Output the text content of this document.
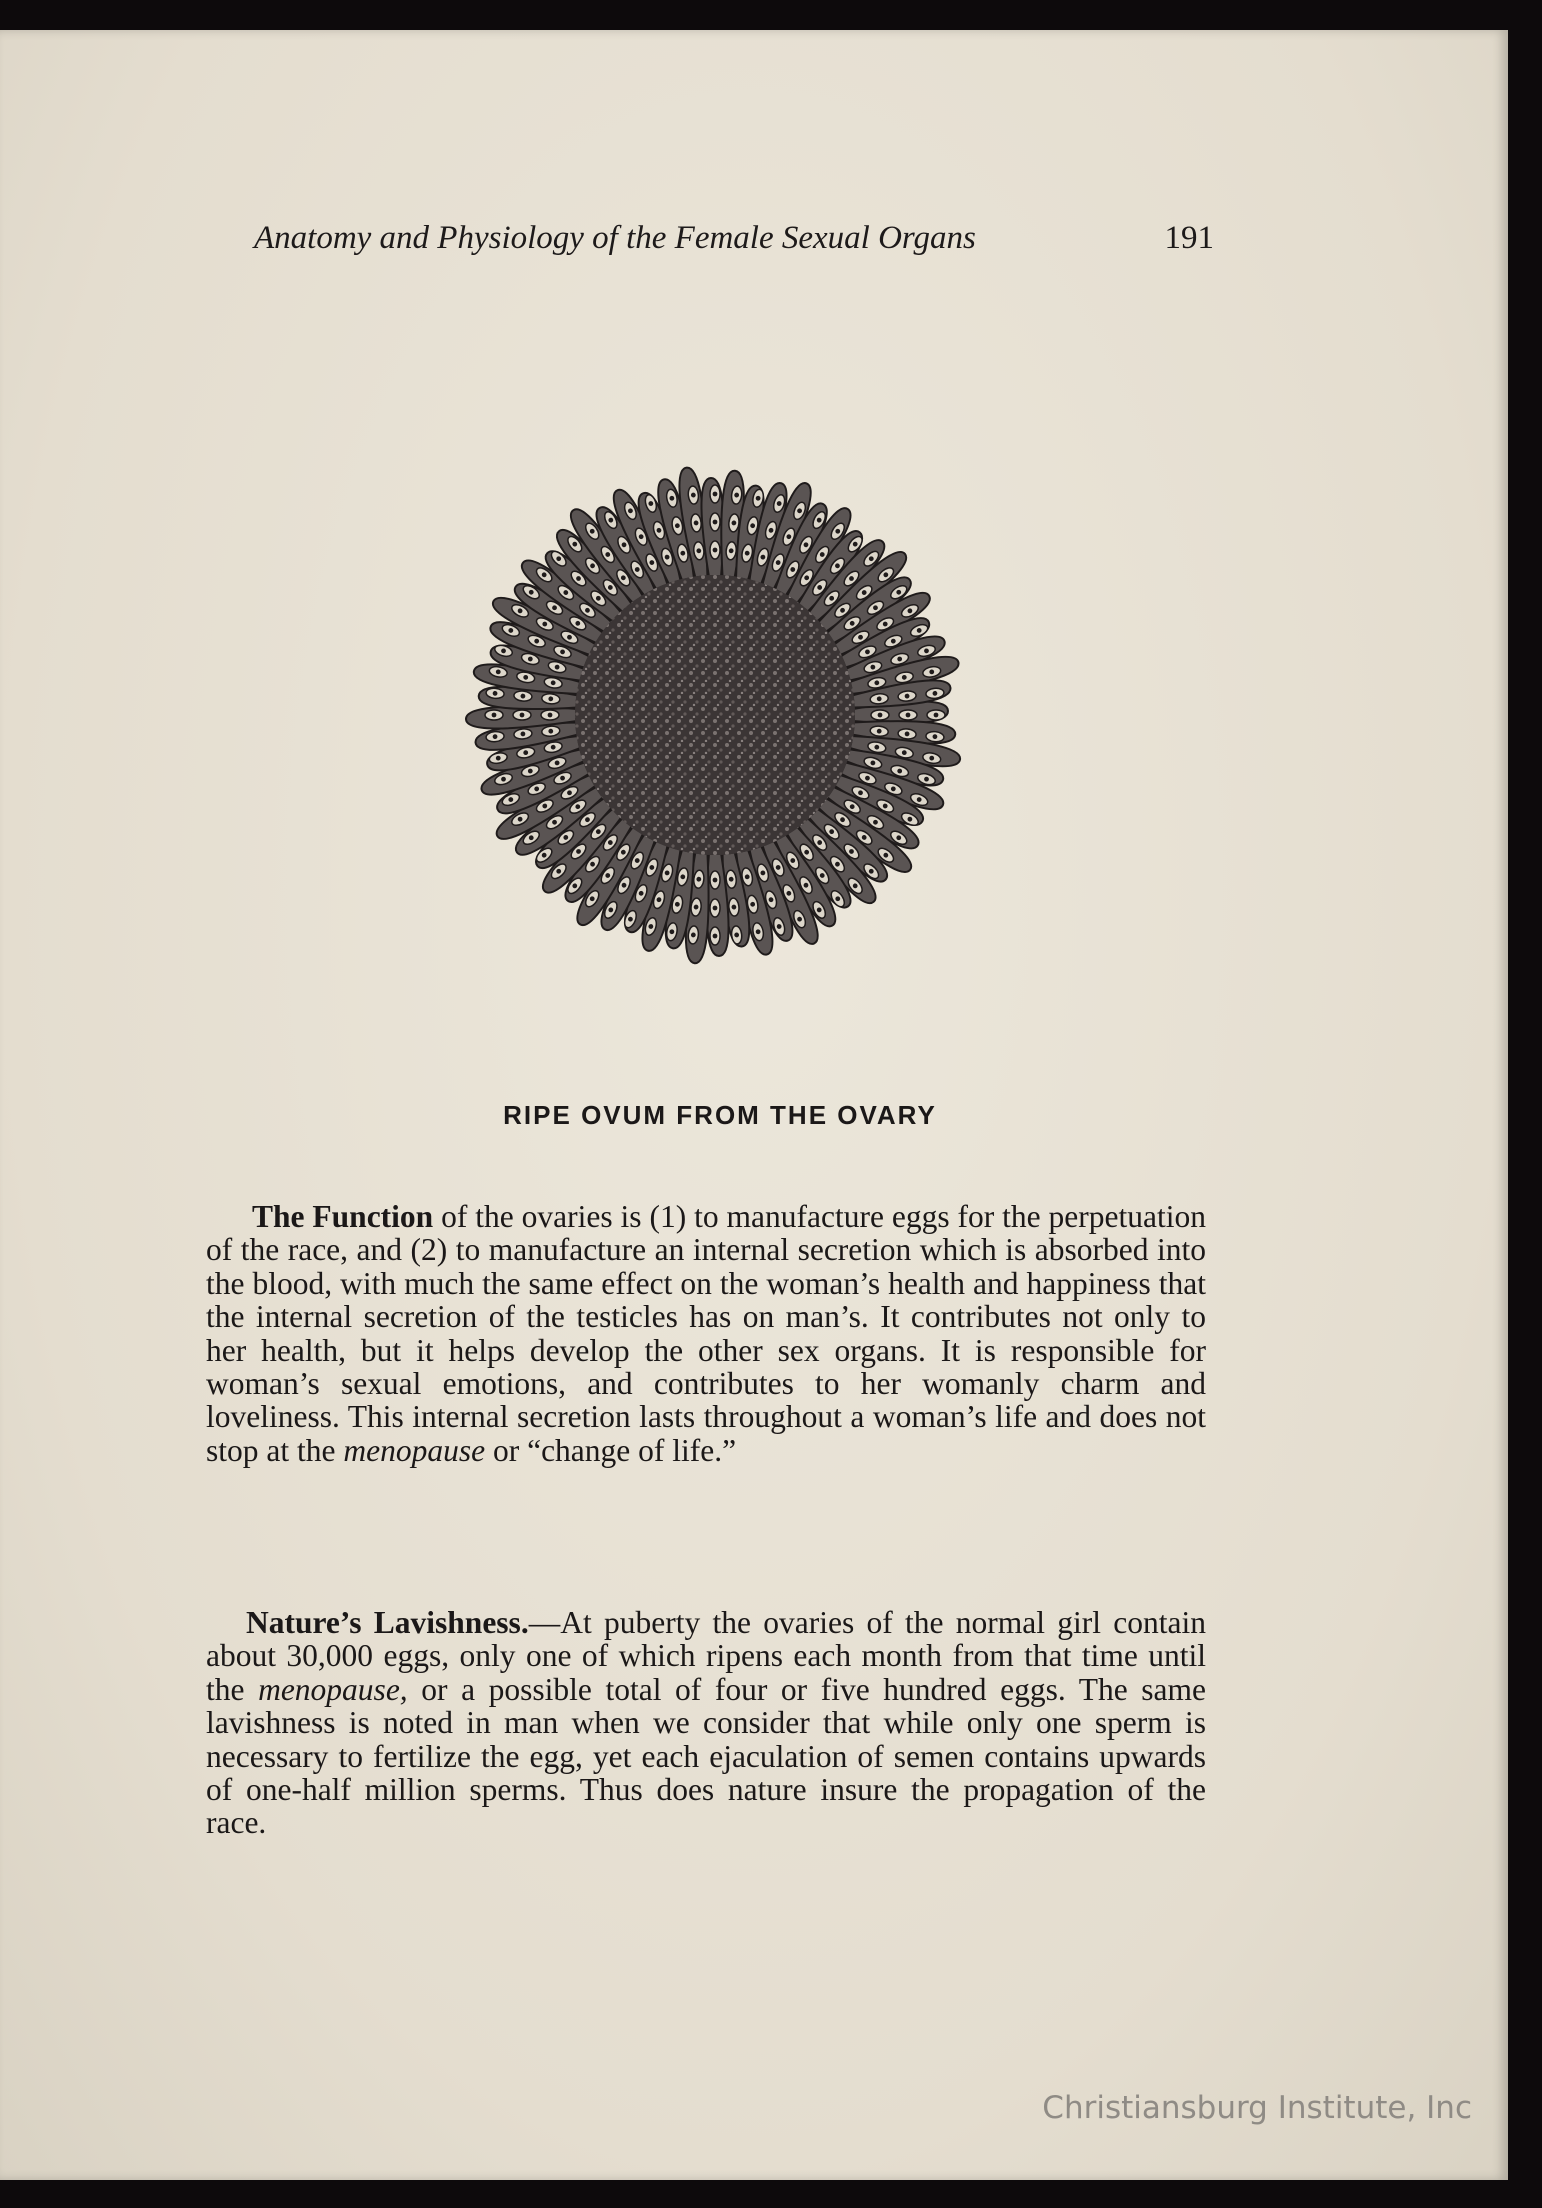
Anatomy and Physiology of the Female Sexual Organs	191
RIPE OVUM FROM THE OVARY
The Function of the ovaries is (1) to manufacture eggs for the perpetuation of the race, and (2) to manufacture an internal secretion which is absorbed into the blood, with much the same effect on the woman’s health and happiness that the internal secretion of the testicles has on man’s. It contributes not only to her health, but it helps develop the other sex organs. It is responsible for woman’s sexual emotions, and contributes to her womanly charm and loveliness. This internal secretion lasts throughout a woman’s life and does not stop at the menopause or “change of life.”
Nature’s Lavishness.—At puberty the ovaries of the normal girl contain about 30,000 eggs, only one of which ripens each month from that time until the menopause, or a possible total of four or five hundred eggs. The same lavishness is noted in man when we consider that while only one sperm is necessary to fertilize the egg, yet each ejaculation of semen contains upwards of one-half million sperms. Thus does nature insure the propagation of the race.
Christiansburg Institute, Inc
